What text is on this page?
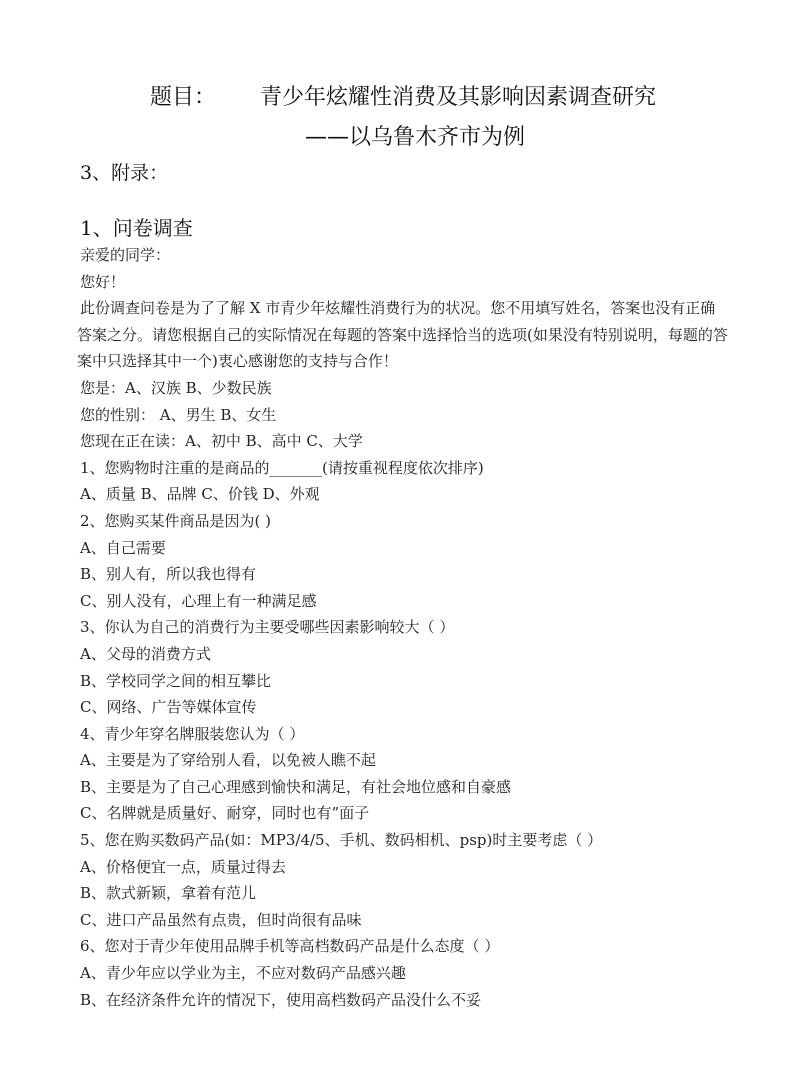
题目： 青少年炫耀性消费及其影响因素调查研究
——以乌鲁木齐市为例
3、附录：
1、问卷调查
亲爱的同学：
您好！
此份调查问卷是为了了解 X 市青少年炫耀性消费行为的状况。您不用填写姓名，答案也没有正确
答案之分。请您根据自己的实际情况在每题的答案中选择恰当的选项(如果没有特别说明，每题的答
案中只选择其中一个)衷心感谢您的支持与合作！
您是：A、汉族 B、少数民族
您的性别： A、男生 B、女生
您现在正在读：A、初中 B、高中 C、大学
1、您购物时注重的是商品的_______(请按重视程度依次排序)
A、质量 B、品牌 C、价钱 D、外观
2、您购买某件商品是因为( )
A、自己需要
B、别人有，所以我也得有
C、别人没有，心理上有一种满足感
3、你认为自己的消费行为主要受哪些因素影响较大（ ）
A、父母的消费方式
B、学校同学之间的相互攀比
C、网络、广告等媒体宣传
4、青少年穿名牌服装您认为（ ）
A、主要是为了穿给别人看，以免被人瞧不起
B、主要是为了自己心理感到愉快和满足，有社会地位感和自豪感
C、名牌就是质量好、耐穿，同时也有”面子
5、您在购买数码产品(如：MP3/4/5、手机、数码相机、psp)时主要考虑（ ）
A、价格便宜一点，质量过得去
B、款式新颖，拿着有范儿
C、进口产品虽然有点贵，但时尚很有品味
6、您对于青少年使用品牌手机等高档数码产品是什么态度（ ）
A、青少年应以学业为主，不应对数码产品感兴趣
B、在经济条件允许的情况下，使用高档数码产品没什么不妥
